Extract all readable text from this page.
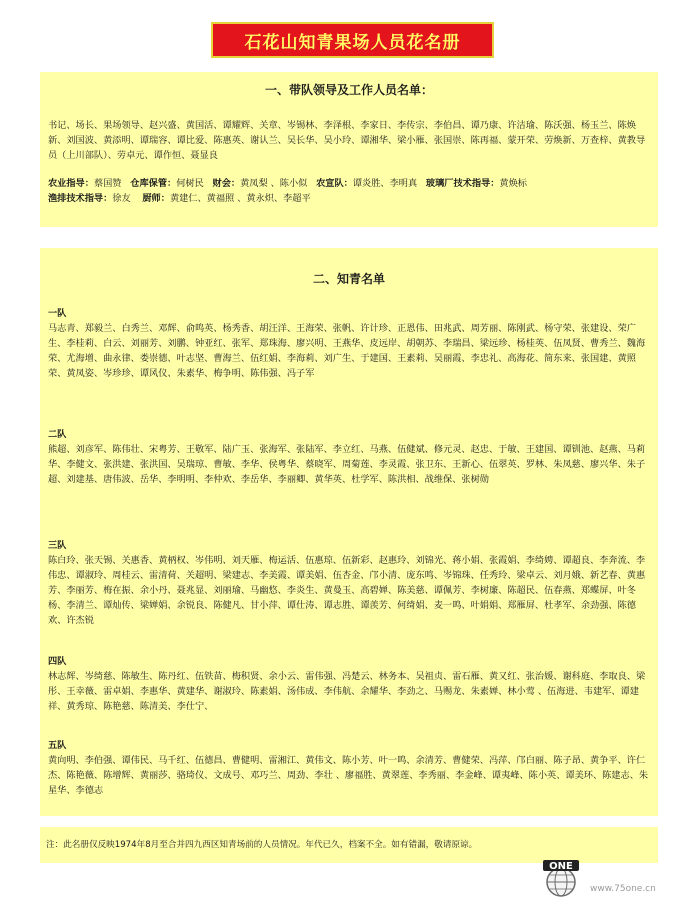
石花山知青果场人员花名册
一、带队领导及工作人员名单：
书记、场长、果场领导、赵兴盛、黄国活、谭耀辉、关章、岑锡林、李泽根、李家日、李传宗、李伯昌、谭乃康、许洁瑜、陈沃强、杨玉兰、陈焕新、刘国波、黄添明、谭瑞容、谭比爱、陈惠英、谢认兰、吴长华、吴小玲、谭湘华、梁小雁、张国崇、陈再福、蒙开荣、劳焕新、万查梓、黄教导员（上川部队）、劳卓元、谭作恒、聂显良
农业指导：蔡国赞 仓库保管：何树民 财会：黄凤梨 、陈小似 农宣队：谭炎胜、李明真 玻璃厂技术指导：黄焕标
渔排技术指导：徐友 厨师：黄建仁、黄福照 、黄永炽、李超平
二、知青名单
一队
马志青、郑毅兰、白秀兰、邓辉、俞鸣英、杨秀香、胡汪洋、王海荣、张帆、许计珍、正恩伟、田兆武、周芳丽、陈刚武、杨守荣、张建设、荣广生、李桂莉、白云、刘丽芳、刘鹏、钟亚红、张军、郑珠海、廖兴明、王燕华、皮远岸、胡朝苏、李瑞昌、梁远珍、杨桂英、伍凤贤、曹秀兰、魏海荣、尤海增、曲永律、娄崇德、叶志坚、曹海兰、伍红娟、李海莉、刘广生、于建国、王素莉、吴丽霞、李忠礼、高海花、简东来、张国建、黄照荣、黄凤姿、岑珍珍、谭风仪、朱素华、梅争明、陈伟强、冯子军
二队
熊超、刘彦军、陈伟壮、宋粤芳、王敬军、陆广玉、张海军、张陆军、李立红、马燕、伍健斌、修元灵、赵忠、于敏、王建国、谭钏池、赵燕、马莉华、李健文、张洪建、张洪国、吴瑞琼、曹敏、李华、侯粤华、蔡晓军、周菊莲、李灵霞、张卫东、王新心、伍翠英、罗林、朱凤慈、廖兴华、朱子超、刘建基、唐伟波、岳华、李明明、李仲欢、李岳华、李丽卿、黄华英、杜学军、陈洪相、战维保、张树勋
三队
陈白玲、张天锡、关惠香、黄柄权、岑伟明、刘天雁、梅运活、伍惠琼、伍新彩、赵惠玲、刘锦光、蒋小娟、张霞娟、李绮娉、谭超良、李奔流、李伟忠、谭淑玲、周桂云、雷清荷、关超明、梁建志、李美霞、谭美娟、伍杏金、邝小清、庞东鸣、岑锦珠、任秀玲、梁卓云、刘月娥、新艺春、黄惠芳、李丽芳、梅在振、余小丹、聂兆显、刘丽瑜、马幽悠、李炎生、黄曼玉、高碧婵、陈美慈、谭佩芳、李树廉、陈超民、伍春燕、郑蝶屏、叶冬杨、李清兰、谭灿传、梁婵娟、余锐良、陈健凡、甘小萍、谭仕涛、谭志胜、谭羡芳、何绮娟、麦一鸣、叶娟娟、郑雁屏、杜孝军、余劲强、陈德欢、许杰锐
四队
林志辉、岑绮慈、陈敏生、陈丹红、伍铁苗、梅积贤、余小云、雷伟强、冯楚云、林务本、吴祖贞、雷石雁、黄又红、张治媛、谢科庭、李取良、梁彤、王幸薇、雷卓娟、李惠华、黄建华、谢淑玲、陈素娟、汤伟成、李伟航、余耀华、李劲之、马赐龙、朱素婵、林小莺 、伍海进、韦建军、谭建祥、黄秀琼、陈艳慈、陈清美、李仕宁、
五队
黄向明、李伯强、谭伟民、马千红、伍德昌、曹健明、雷湘江、黄伟文、陈小芳、叶一鸣、余清芳、曹健荣、冯萍、邝白丽、陈子昂、黄争平、许仁杰、陈艳薇、陈增辉、黄丽莎、骆琦仪、文成号、邓巧兰、周劲、李壮 、廖福胜、黄翠莲、李秀丽、李金峰、谭夷峰、陈小英、谭美环、陈建志、朱星华、李德志
注：此名册仅反映1974年8月至合并四九西区知青场前的人员情况。年代已久，档案不全。如有错漏，敬请原谅。
ONE
www.75one.cn
